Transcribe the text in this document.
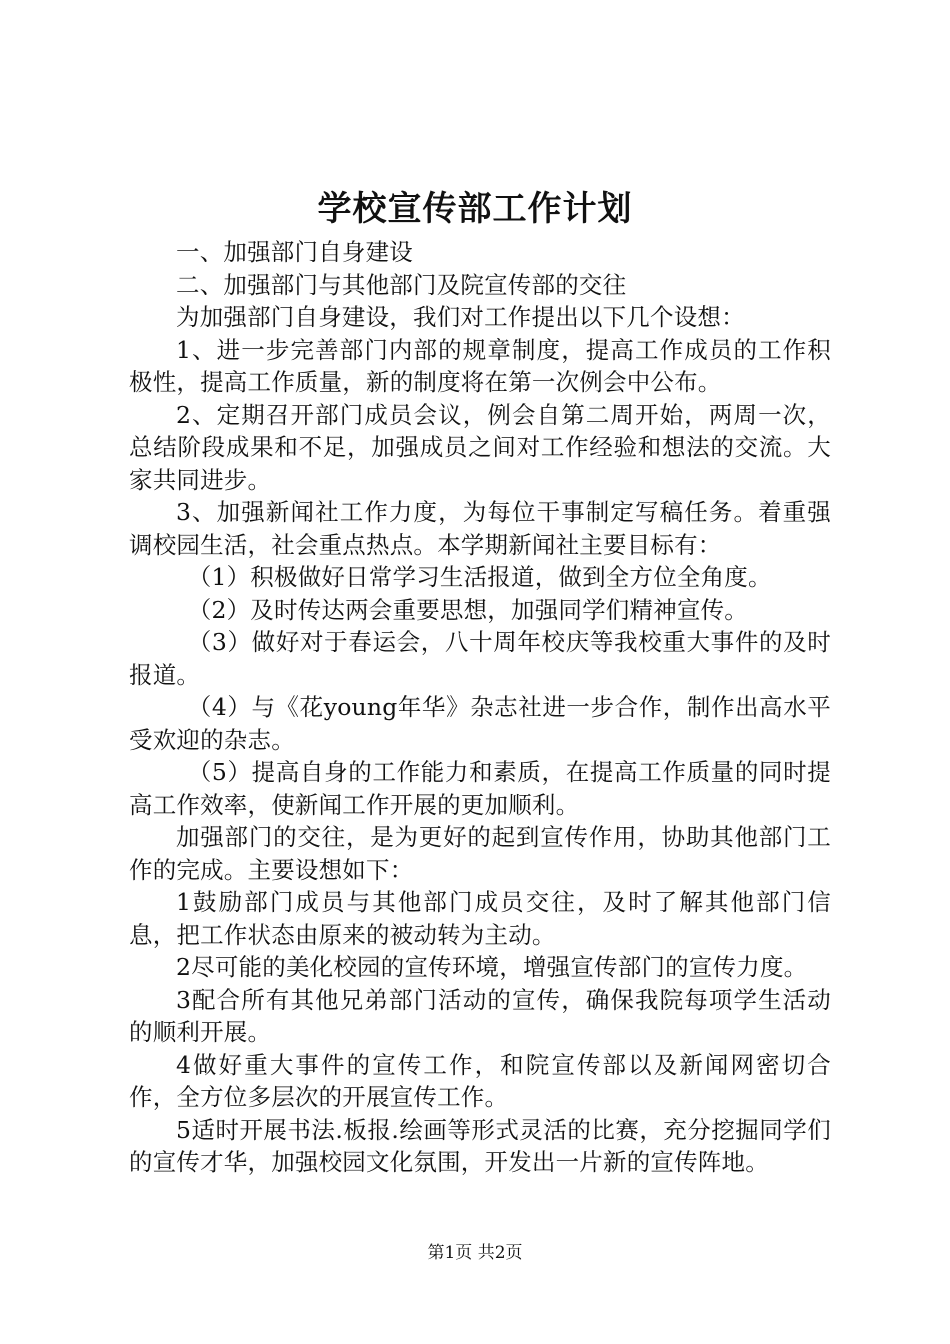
学校宣传部工作计划

一、加强部门自身建设

二、加强部门与其他部门及院宣传部的交往

为加强部门自身建设，我们对工作提出以下几个设想：

1、进一步完善部门内部的规章制度，提高工作成员的工作积极性，提高工作质量，新的制度将在第一次例会中公布。

2、定期召开部门成员会议，例会自第二周开始，两周一次，总结阶段成果和不足，加强成员之间对工作经验和想法的交流。大家共同进步。

3、加强新闻社工作力度，为每位干事制定写稿任务。着重强调校园生活，社会重点热点。本学期新闻社主要目标有：

（1）积极做好日常学习生活报道，做到全方位全角度。

（2）及时传达两会重要思想，加强同学们精神宣传。

（3）做好对于春运会，八十周年校庆等我校重大事件的及时报道。

（4）与《花young年华》杂志社进一步合作，制作出高水平受欢迎的杂志。

（5）提高自身的工作能力和素质，在提高工作质量的同时提高工作效率，使新闻工作开展的更加顺利。

加强部门的交往，是为更好的起到宣传作用，协助其他部门工作的完成。主要设想如下：

1鼓励部门成员与其他部门成员交往，及时了解其他部门信息，把工作状态由原来的被动转为主动。

2尽可能的美化校园的宣传环境，增强宣传部门的宣传力度。

3配合所有其他兄弟部门活动的宣传，确保我院每项学生活动的顺利开展。

4做好重大事件的宣传工作，和院宣传部以及新闻网密切合作，全方位多层次的开展宣传工作。

5适时开展书法.板报.绘画等形式灵活的比赛，充分挖掘同学们的宣传才华，加强校园文化氛围，开发出一片新的宣传阵地。

第1页 共2页
